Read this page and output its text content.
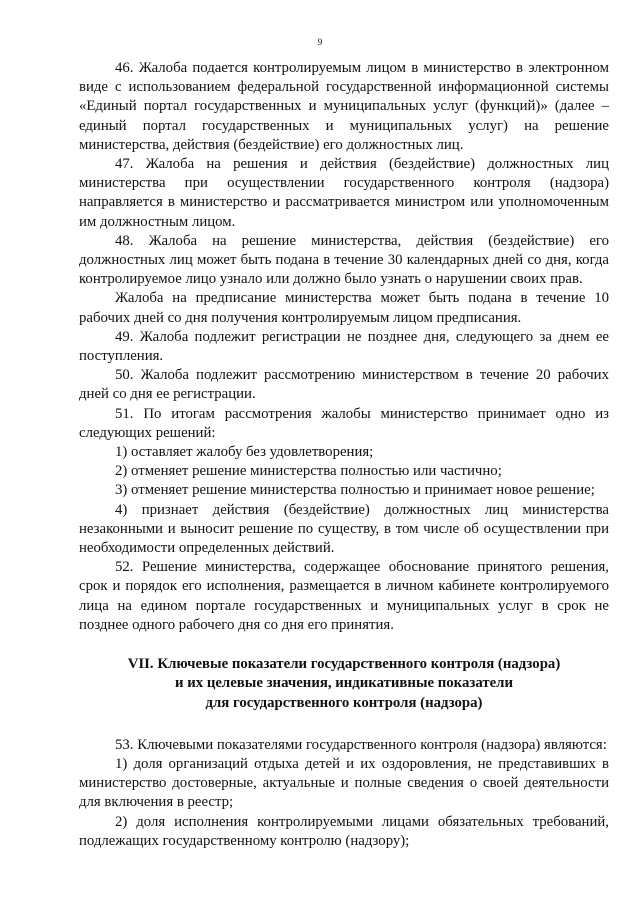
9

46. Жалоба подается контролируемым лицом в министерство в электронном виде с использованием федеральной государственной информационной системы «Единый портал государственных и муниципальных услуг (функций)» (далее – единый портал государственных и муниципальных услуг) на решение министерства, действия (бездействие) его должностных лиц.

47. Жалоба на решения и действия (бездействие) должностных лиц министерства при осуществлении государственного контроля (надзора) направляется в министерство и рассматривается министром или уполномоченным им должностным лицом.

48. Жалоба на решение министерства, действия (бездействие) его должностных лиц может быть подана в течение 30 календарных дней со дня, когда контролируемое лицо узнало или должно было узнать о нарушении своих прав.

Жалоба на предписание министерства может быть подана в течение 10 рабочих дней со дня получения контролируемым лицом предписания.

49. Жалоба подлежит регистрации не позднее дня, следующего за днем ее поступления.

50. Жалоба подлежит рассмотрению министерством в течение 20 рабочих дней со дня ее регистрации.

51. По итогам рассмотрения жалобы министерство принимает одно из следующих решений:

1) оставляет жалобу без удовлетворения;

2) отменяет решение министерства полностью или частично;

3) отменяет решение министерства полностью и принимает новое решение;

4) признает действия (бездействие) должностных лиц министерства незаконными и выносит решение по существу, в том числе об осуществлении при необходимости определенных действий.

52. Решение министерства, содержащее обоснование принятого решения, срок и порядок его исполнения, размещается в личном кабинете контролируемого лица на едином портале государственных и муниципальных услуг в срок не позднее одного рабочего дня со дня его принятия.

VII. Ключевые показатели государственного контроля (надзора)
и их целевые значения, индикативные показатели
для государственного контроля (надзора)

53. Ключевыми показателями государственного контроля (надзора) являются:

1) доля организаций отдыха детей и их оздоровления, не представивших в министерство достоверные, актуальные и полные сведения о своей деятельности для включения в реестр;

2) доля исполнения контролируемыми лицами обязательных требований, подлежащих государственному контролю (надзору);
